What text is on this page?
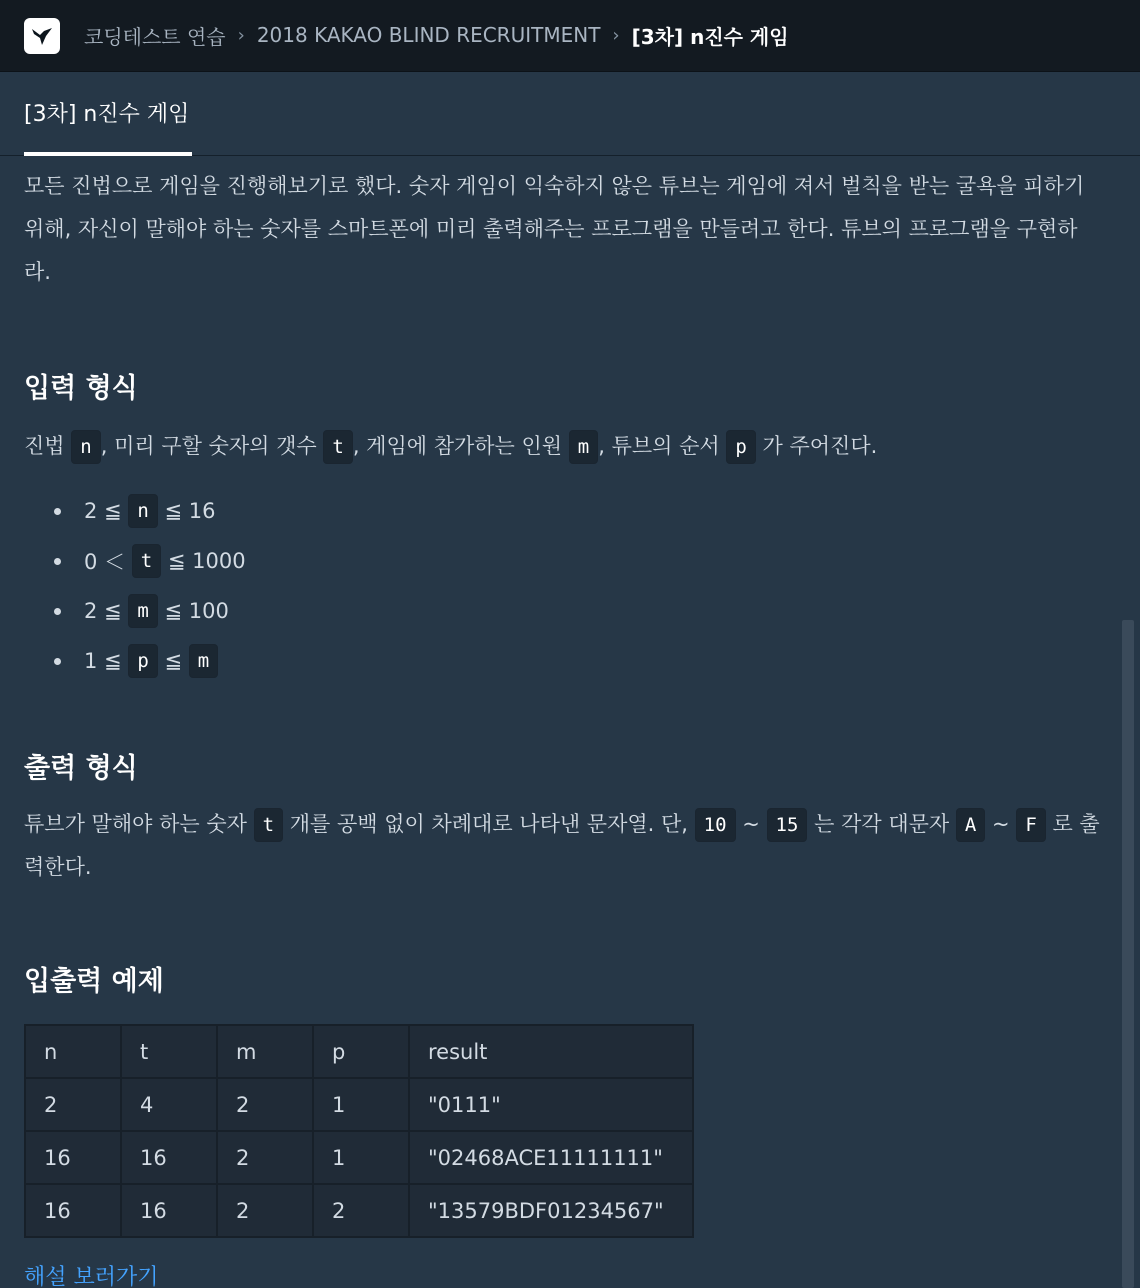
코딩테스트 연습 › 2018 KAKAO BLIND RECRUITMENT › [3차] n진수 게임
[3차] n진수 게임

모든 진법으로 게임을 진행해보기로 했다. 숫자 게임이 익숙하지 않은 튜브는 게임에 져서 벌칙을 받는 굴욕을 피하기 위해, 자신이 말해야 하는 숫자를 스마트폰에 미리 출력해주는 프로그램을 만들려고 한다. 튜브의 프로그램을 구현하라.

입력 형식

진법 n , 미리 구할 숫자의 갯수 t , 게임에 참가하는 인원 m , 튜브의 순서 p 가 주어진다.

2 ≦
n
≦ 16
0 ＜
t
≦ 1000
2 ≦
m
≦ 100
1 ≦
p
≦
m
출력 형식

튜브가 말해야 하는 숫자 t 개를 공백 없이 차례대로 나타낸 문자열. 단, 10 ~ 15 는 각각 대문자 A ~ F 로 출력한다.

입출력 예제
n	t	m	p	result
2	4	2	1	"0111"
16	16	2	1	"02468ACE11111111"
16	16	2	2	"13579BDF01234567"
해설 보러가기
